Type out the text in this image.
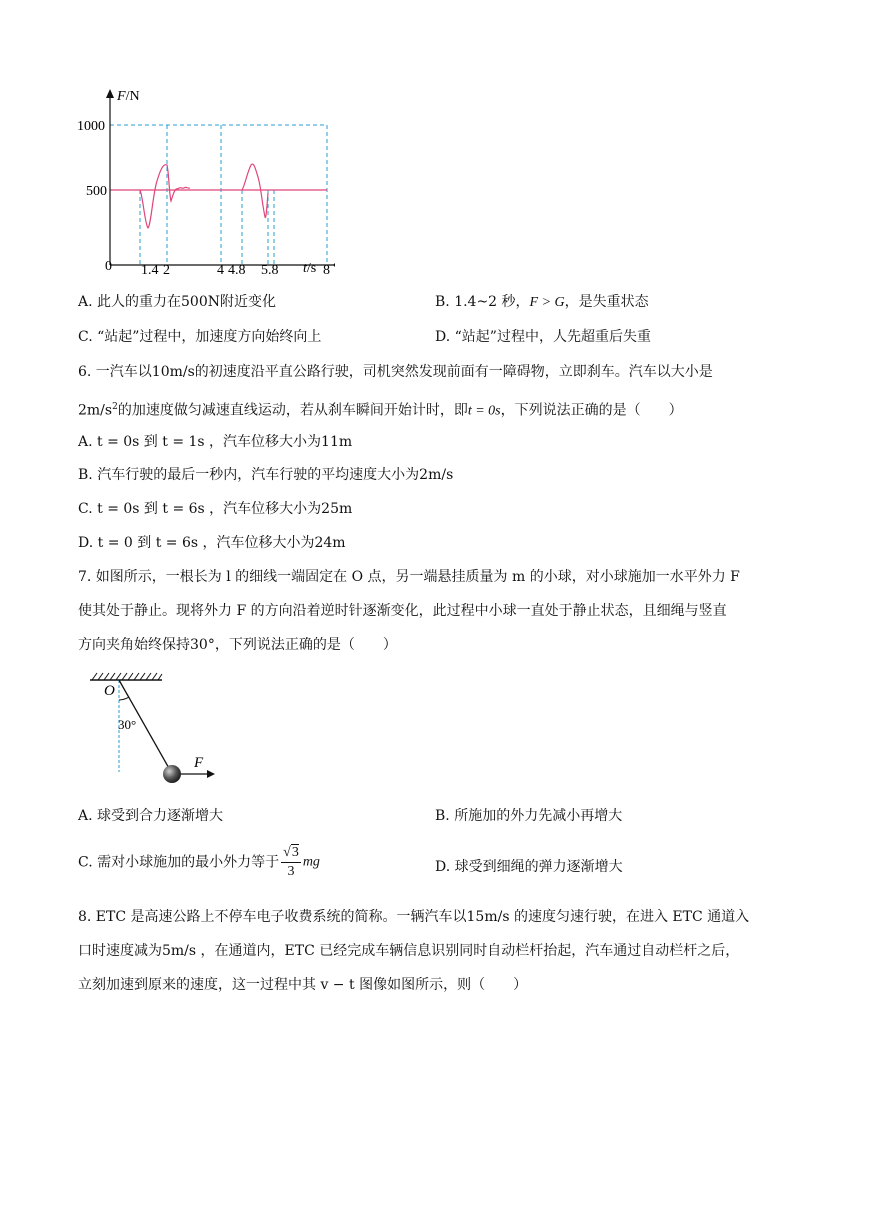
F/N
t/s
1000
500
0 1.4 2	4 4.8 5.8	8
A. 此人的重力在500N附近变化	B. 1.4~2 秒，F > G，是失重状态
C. “站起”过程中，加速度方向始终向上	D. “站起”过程中，人先超重后失重
6. 一汽车以10m/s的初速度沿平直公路行驶，司机突然发现前面有一障碍物，立即刹车。汽车以大小是
$2m/s^2$的加速度做匀减速直线运动，若从刹车瞬间开始计时，即t = 0s，下列说法正确的是（　　）
A. t = 0s 到 t = 1s ，汽车位移大小为11m
B. 汽车行驶的最后一秒内，汽车行驶的平均速度大小为2m/s
C. t = 0s 到 t = 6s ，汽车位移大小为25m
D. t = 0 到 t = 6s ，汽车位移大小为24m
7. 如图所示，一根长为 l 的细线一端固定在 O 点，另一端悬挂质量为 m 的小球，对小球施加一水平外力 F
使其处于静止。现将外力 F 的方向沿着逆时针逐渐变化，此过程中小球一直处于静止状态，且细绳与竖直
方向夹角始终保持30°，下列说法正确的是（　　）
O
30°
F
A. 球受到合力逐渐增大	B. 所施加的外力先减小再增大
C. 需对小球施加的最小外力等于 $\frac{√3}{3}$ mg	D. 球受到细绳的弹力逐渐增大
8. ETC 是高速公路上不停车电子收费系统的简称。一辆汽车以15m/s 的速度匀速行驶，在进入 ETC 通道入
口时速度减为5m/s ，在通道内，ETC 已经完成车辆信息识别同时自动栏杆抬起，汽车通过自动栏杆之后，
立刻加速到原来的速度，这一过程中其 v − t 图像如图所示，则（　　）
